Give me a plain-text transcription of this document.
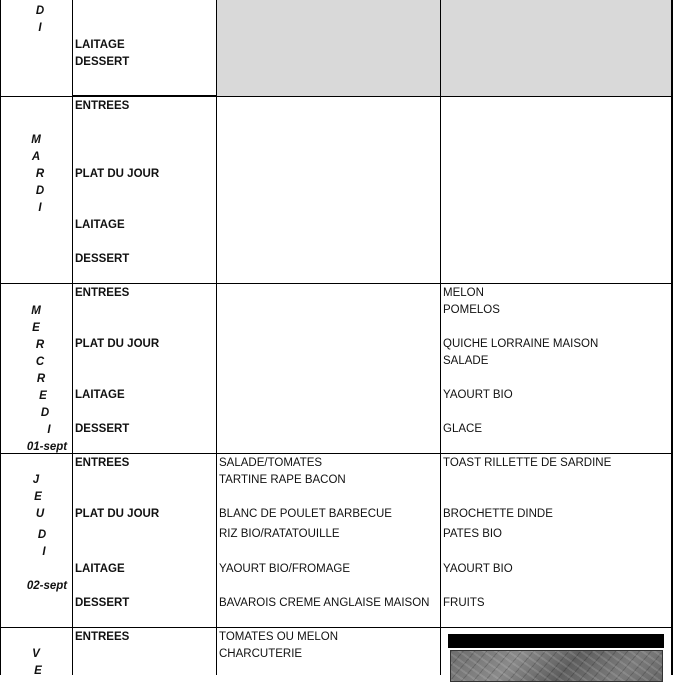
D
I
LAITAGE
DESSERT
M
A
R
D
I
ENTREES
PLAT DU JOUR
LAITAGE
DESSERT
M
E
R
C
R
E
D
I
01-sept
ENTREES
PLAT DU JOUR
LAITAGE
DESSERT
MELON
POMELOS
QUICHE LORRAINE MAISON
SALADE
YAOURT BIO
GLACE
J
E
U
D
I
02-sept
ENTREES
PLAT DU JOUR
LAITAGE
DESSERT
SALADE/TOMATES
TARTINE RAPE BACON
BLANC DE POULET BARBECUE
RIZ BIO/RATATOUILLE
YAOURT BIO/FROMAGE
BAVAROIS CREME ANGLAISE MAISON
TOAST RILLETTE DE SARDINE
BROCHETTE DINDE
PATES BIO
YAOURT BIO
FRUITS
V
E
ENTREES	TOMATES OU MELON
CHARCUTERIE
